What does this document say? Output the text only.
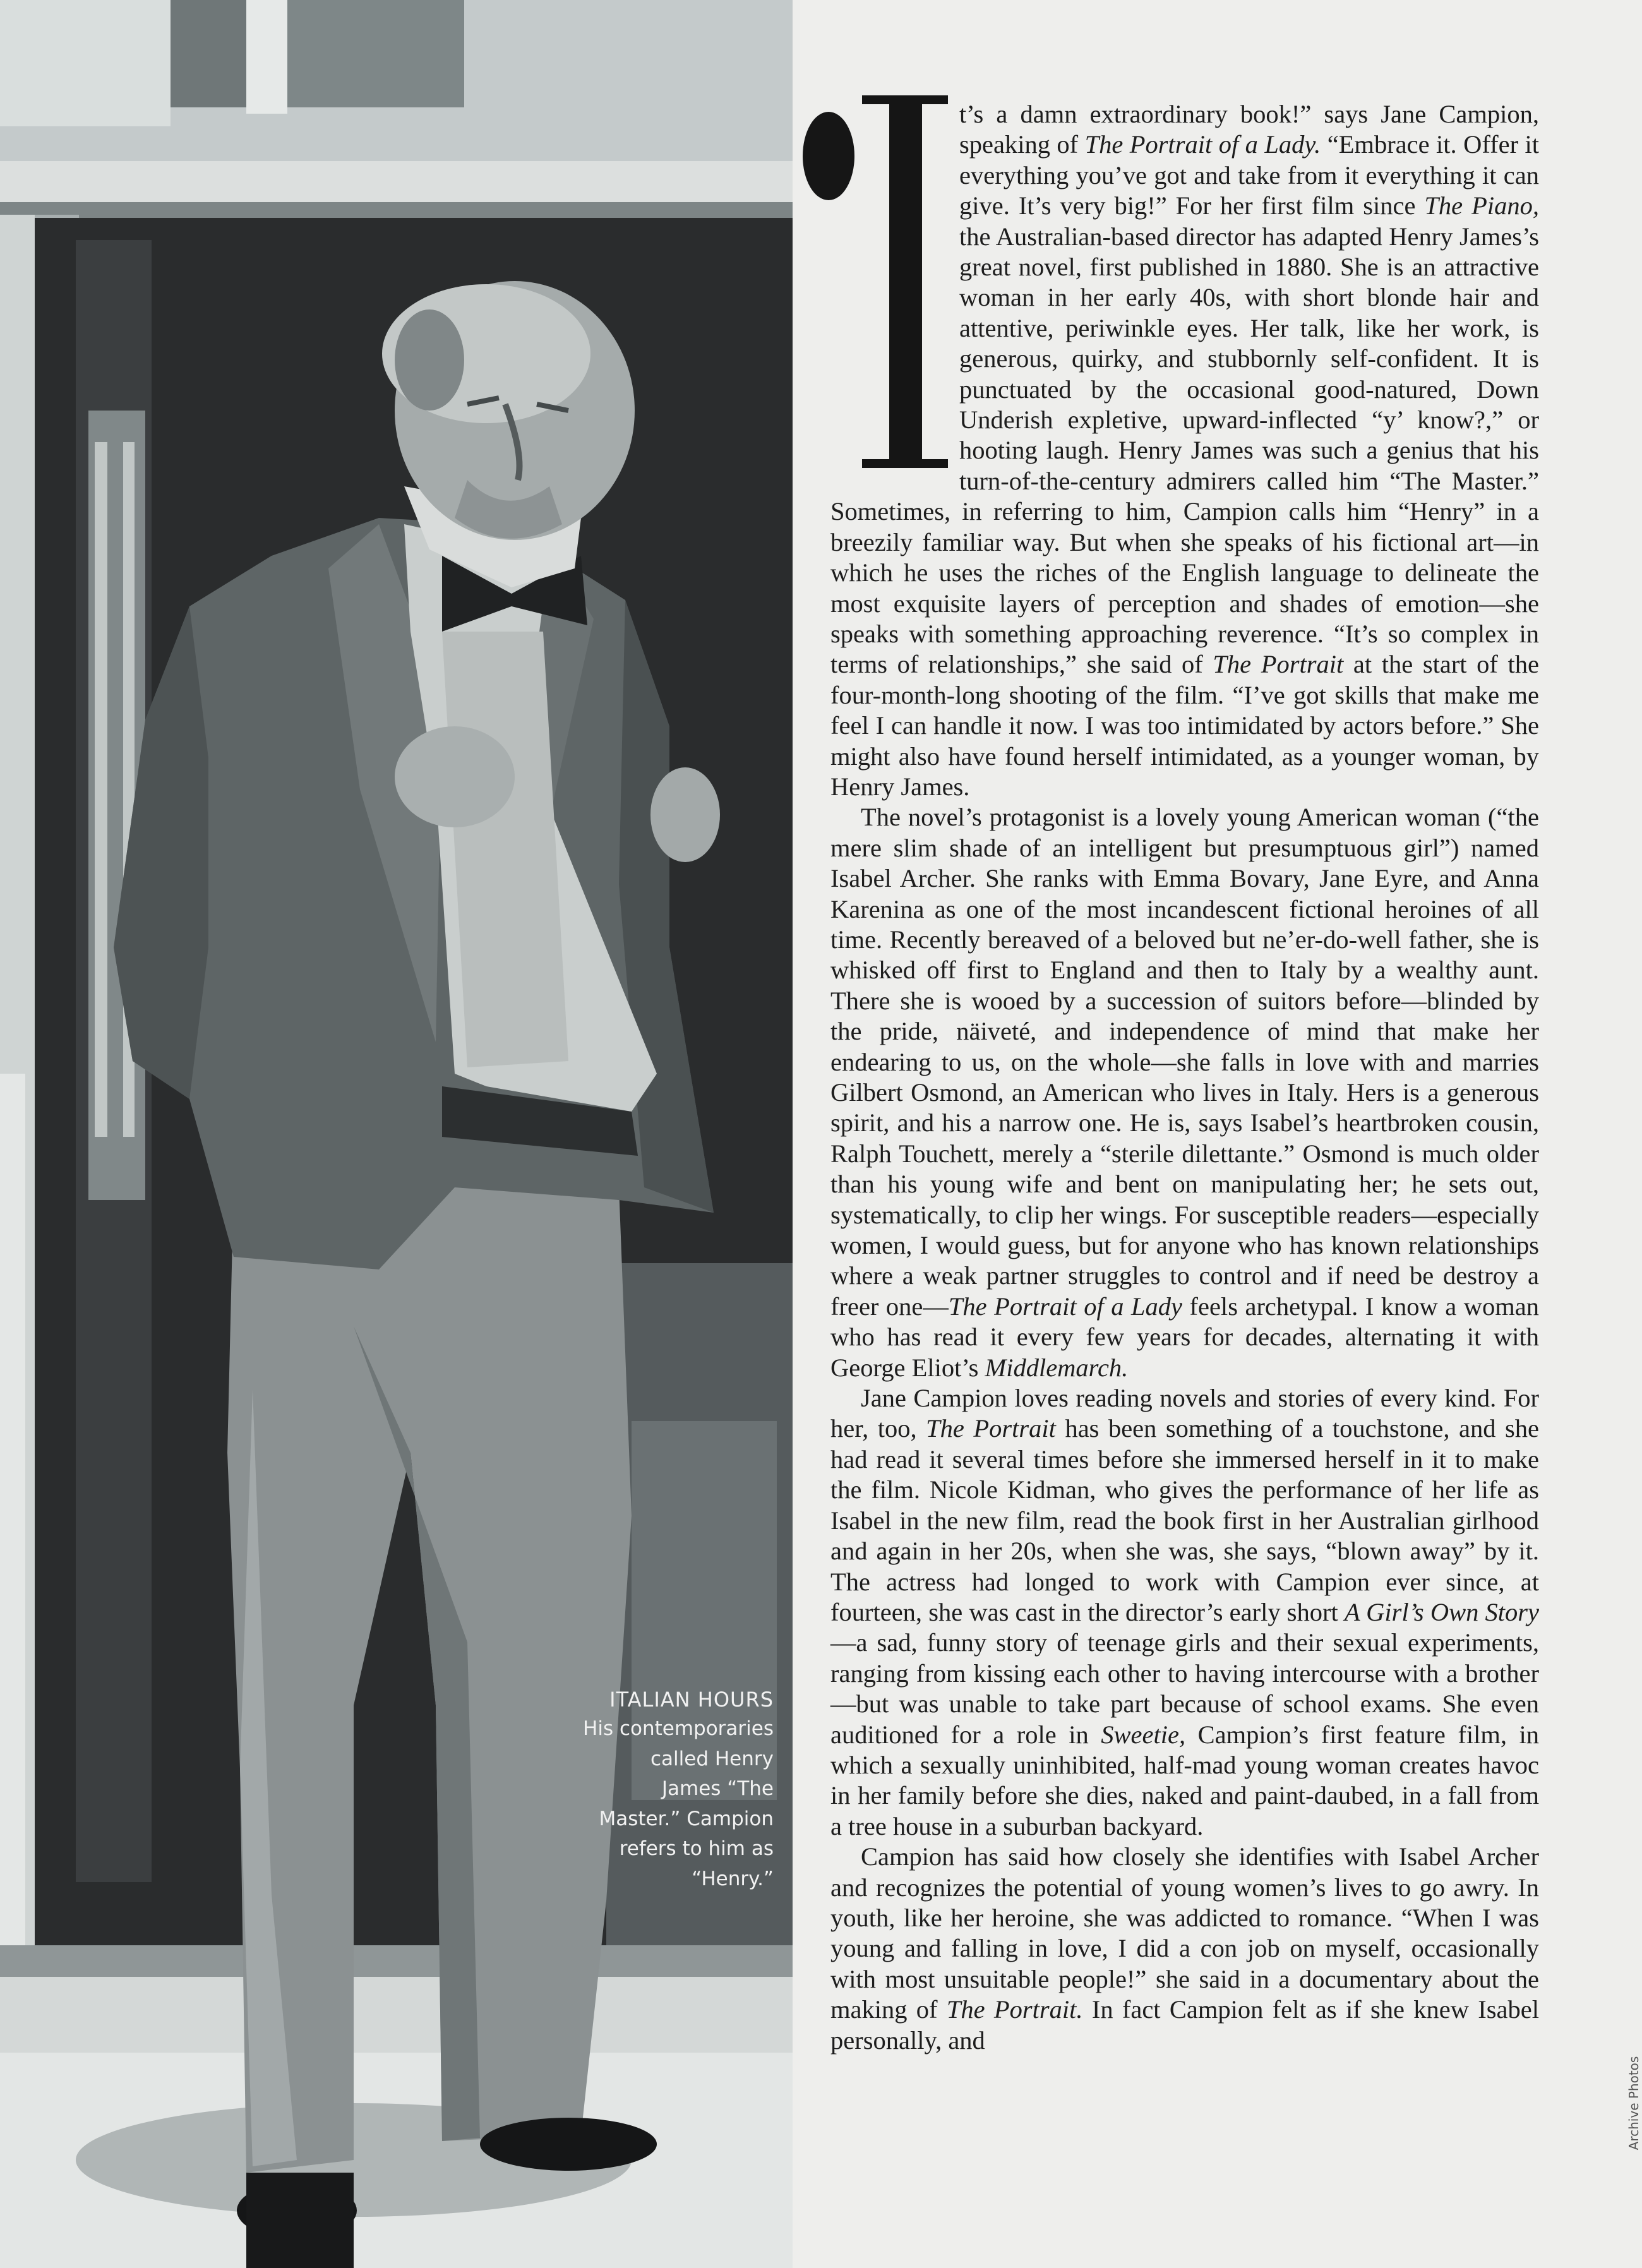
ITALIAN HOURS
His contemporaries
called Henry
James “The
Master.” Campion
refers to him as
“Henry.”

t’s a damn extraordinary book!” says Jane Campion, speaking of The Portrait of a Lady. “Embrace it. Offer it everything you’ve got and take from it everything it can give. It’s very big!” For her first film since The Piano, the Australian-based director has adapted Henry James’s great novel, first published in 1880. She is an attractive woman in her early 40s, with short blonde hair and attentive, periwinkle eyes. Her talk, like her work, is generous, quirky, and stubbornly self-confident. It is punctuated by the occasional good-natured, Down Underish expletive, upward-inflected “y’ know?,” or hooting laugh. Henry James was such a genius that his turn-of-the-century admirers called him “The Master.” Sometimes, in referring to him, Campion calls him “Henry” in a breezily familiar way. But when she speaks of his fictional art—in which he uses the riches of the English language to delineate the most exquisite layers of perception and shades of emotion—she speaks with something approaching reverence. “It’s so complex in terms of relationships,” she said of The Portrait at the start of the four-month-long shooting of the film. “I’ve got skills that make me feel I can handle it now. I was too intimidated by actors before.” She might also have found herself intimidated, as a younger woman, by Henry James.

The novel’s protagonist is a lovely young American woman (“the mere slim shade of an intelligent but presumptuous girl”) named Isabel Archer. She ranks with Emma Bovary, Jane Eyre, and Anna Karenina as one of the most incandescent fictional heroines of all time. Recently bereaved of a beloved but ne’er-do-well father, she is whisked off first to England and then to Italy by a wealthy aunt. There she is wooed by a succession of suitors before—blinded by the pride, näiveté, and independence of mind that make her endearing to us, on the whole—she falls in love with and marries Gilbert Osmond, an American who lives in Italy. Hers is a generous spirit, and his a narrow one. He is, says Isabel’s heartbroken cousin, Ralph Touchett, merely a “sterile dilettante.” Osmond is much older than his young wife and bent on manipulating her; he sets out, systematically, to clip her wings. For susceptible readers—especially women, I would guess, but for anyone who has known relationships where a weak partner struggles to control and if need be destroy a freer one—The Portrait of a Lady feels archetypal. I know a woman who has read it every few years for decades, alternating it with George Eliot’s Middlemarch.

Jane Campion loves reading novels and stories of every kind. For her, too, The Portrait has been something of a touchstone, and she had read it several times before she immersed herself in it to make the film. Nicole Kidman, who gives the performance of her life as Isabel in the new film, read the book first in her Australian girlhood and again in her 20s, when she was, she says, “blown away” by it. The actress had longed to work with Campion ever since, at fourteen, she was cast in the director’s early short A Girl’s Own Story—a sad, funny story of teenage girls and their sexual experiments, ranging from kissing each other to having intercourse with a brother—but was unable to take part because of school exams. She even auditioned for a role in Sweetie, Campion’s first feature film, in which a sexually uninhibited, half-mad young woman creates havoc in her family before she dies, naked and paint-daubed, in a fall from a tree house in a suburban backyard.

Campion has said how closely she identifies with Isabel Archer and recognizes the potential of young women’s lives to go awry. In youth, like her heroine, she was addicted to romance. “When I was young and falling in love, I did a con job on myself, occasionally with most unsuitable people!” she said in a documentary about the making of The Portrait. In fact Campion felt as if she knew Isabel personally, and

Archive Photos
